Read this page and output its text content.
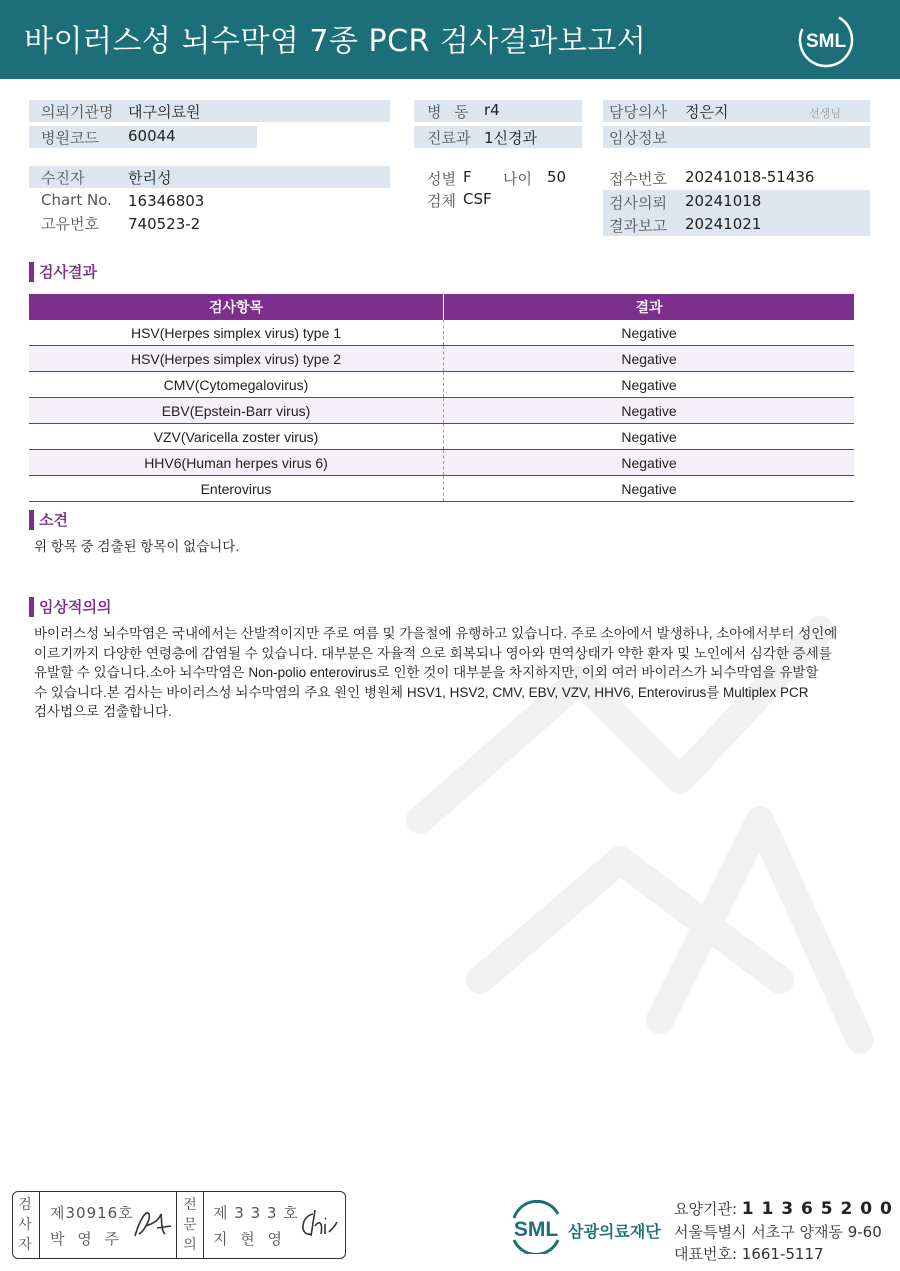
바이러스성 뇌수막염 7종 PCR 검사결과보고서	SML
의뢰기관명 대구의료원
병원코드 60044
병 동 r4
진료과 1신경과
담당의사 정은지	선생님
임상정보
수진자	한리성
Chart No. 16346803
고유번호 740523-2
성별 F 나이 50
검체 CSF
접수번호 20241018-51436
검사의뢰 20241018
결과보고 20241021
검사결과
검사항목	결과
HSV(Herpes simplex virus) type 1	Negative
HSV(Herpes simplex virus) type 2	Negative
CMV(Cytomegalovirus)	Negative
EBV(Epstein-Barr virus)	Negative
VZV(Varicella zoster virus)	Negative
HHV6(Human herpes virus 6)	Negative
Enterovirus	Negative
소견
위 항목 중 검출된 항목이 없습니다.
임상적의의
바이러스성 뇌수막염은 국내에서는 산발적이지만 주로 여름 및 가을철에 유행하고 있습니다. 주로 소아에서 발생하나, 소아에서부터 성인에
이르기까지 다양한 연령층에 감염될 수 있습니다. 대부분은 자율적 으로 회복되나 영아와 면역상태가 약한 환자 및 노인에서 심각한 증세를
유발할 수 있습니다.소아 뇌수막염은 Non-polio enterovirus로 인한 것이 대부분을 차지하지만, 이외 여러 바이러스가 뇌수막염을 유발할
수 있습니다.본 검사는 바이러스성 뇌수막염의 주요 원인 병원체 HSV1, HSV2, CMV, EBV, VZV, HHV6, Enterovirus를 Multiplex PCR
검사법으로 검출합니다.
검
사
자
제30916호
박 영 주
전
문
의
제 3 3 3 호
지 현 영	SML 삼광의료재단
요양기관: 1 1 3 6 5 2 0 0
서울특별시 서초구 양재동 9-60
대표번호: 1661-5117
